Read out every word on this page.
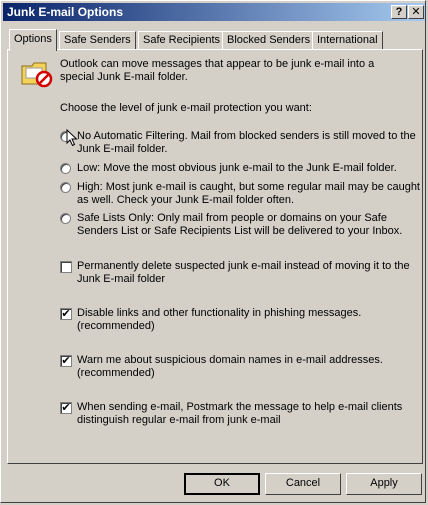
Junk E-mail Options	? ✕
Options	Safe Senders	Safe Recipients Blocked Senders International
Outlook can move messages that appear to be junk e-mail into a special Junk E-mail folder.
Choose the level of junk e-mail protection you want:
No Automatic Filtering. Mail from blocked senders is still moved to the Junk E-mail folder.
Low: Move the most obvious junk e-mail to the Junk E-mail folder.
High: Most junk e-mail is caught, but some regular mail may be caught as well. Check your Junk E-mail folder often.
Safe Lists Only: Only mail from people or domains on your Safe Senders List or Safe Recipients List will be delivered to your Inbox.
Permanently delete suspected junk e-mail instead of moving it to the Junk E-mail folder
✔ Disable links and other functionality in phishing messages. (recommended)
✔ Warn me about suspicious domain names in e-mail addresses. (recommended)
✔ When sending e-mail, Postmark the message to help e-mail clients distinguish regular e-mail from junk e-mail
OK	Cancel	Apply
